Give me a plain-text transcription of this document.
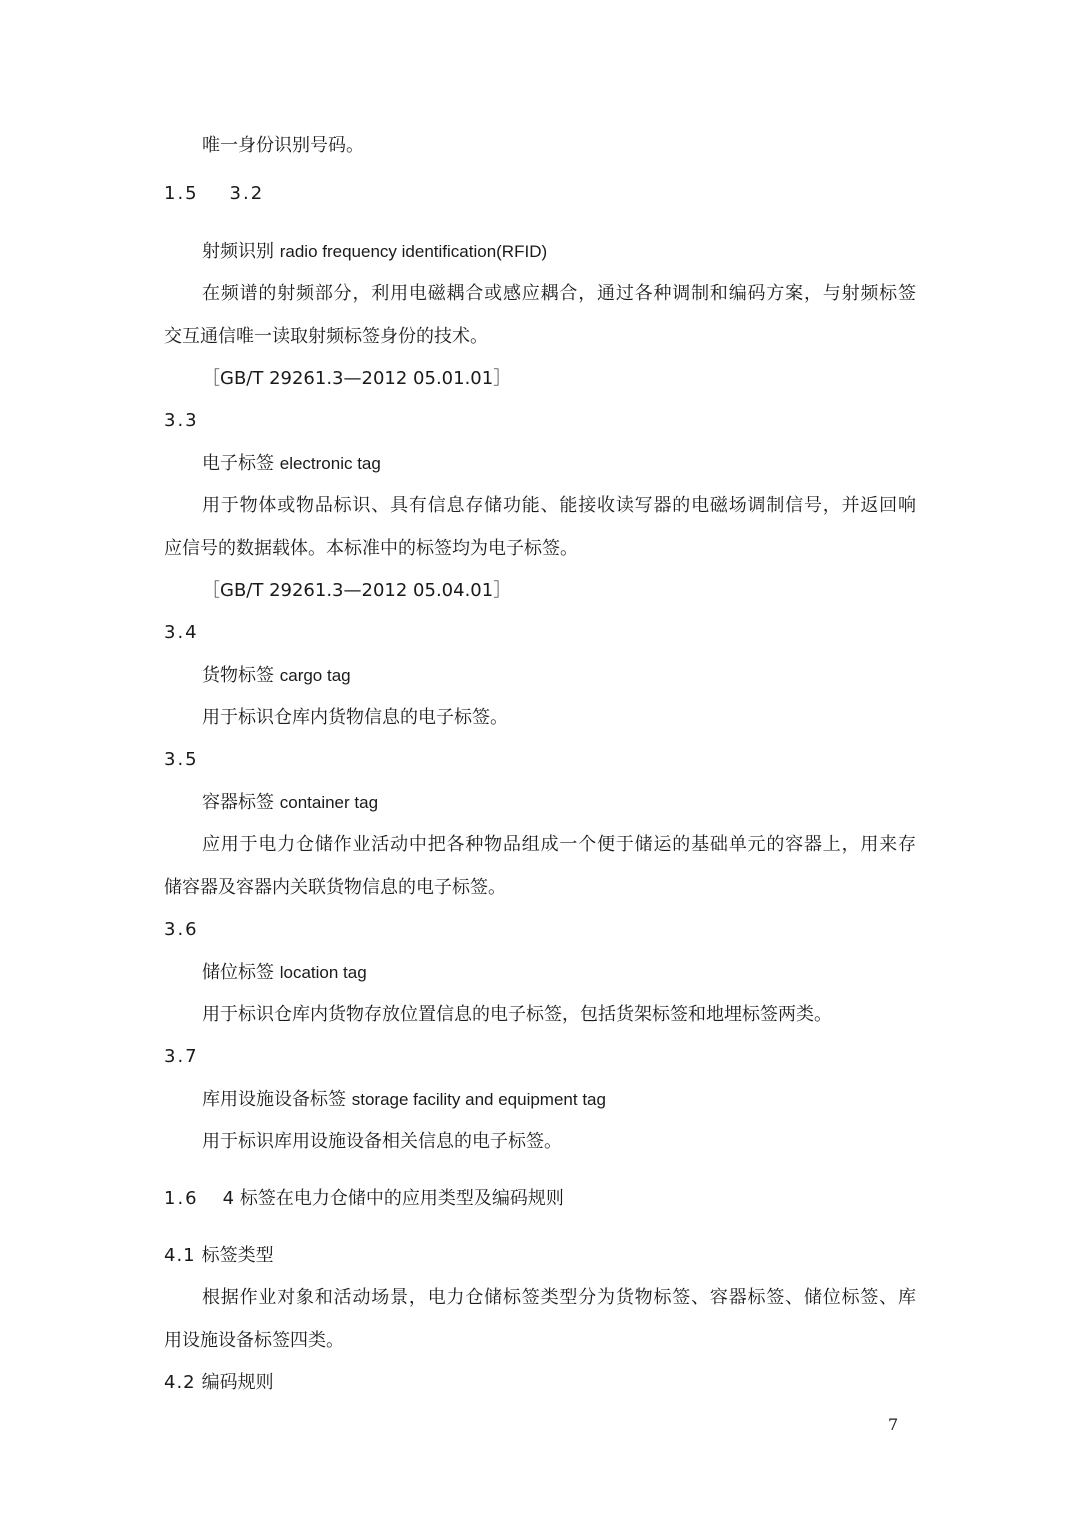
唯一身份识别号码。
1.5 3.2
射频识别 radio frequency identification(RFID)
在频谱的射频部分，利用电磁耦合或感应耦合，通过各种调制和编码方案，与射频标签
交互通信唯一读取射频标签身份的技术。
［GB/T 29261.3—2012 05.01.01］
3.3
电子标签 electronic tag
用于物体或物品标识、具有信息存储功能、能接收读写器的电磁场调制信号，并返回响
应信号的数据载体。本标准中的标签均为电子标签。
［GB/T 29261.3—2012 05.04.01］
3.4
货物标签 cargo tag
用于标识仓库内货物信息的电子标签。
3.5
容器标签 container tag
应用于电力仓储作业活动中把各种物品组成一个便于储运的基础单元的容器上，用来存
储容器及容器内关联货物信息的电子标签。
3.6
储位标签 location tag
用于标识仓库内货物存放位置信息的电子标签，包括货架标签和地埋标签两类。
3.7
库用设施设备标签 storage facility and equipment tag
用于标识库用设施设备相关信息的电子标签。
1.6 4 标签在电力仓储中的应用类型及编码规则
4.1 标签类型
根据作业对象和活动场景，电力仓储标签类型分为货物标签、容器标签、储位标签、库
用设施设备标签四类。
4.2 编码规则
7
